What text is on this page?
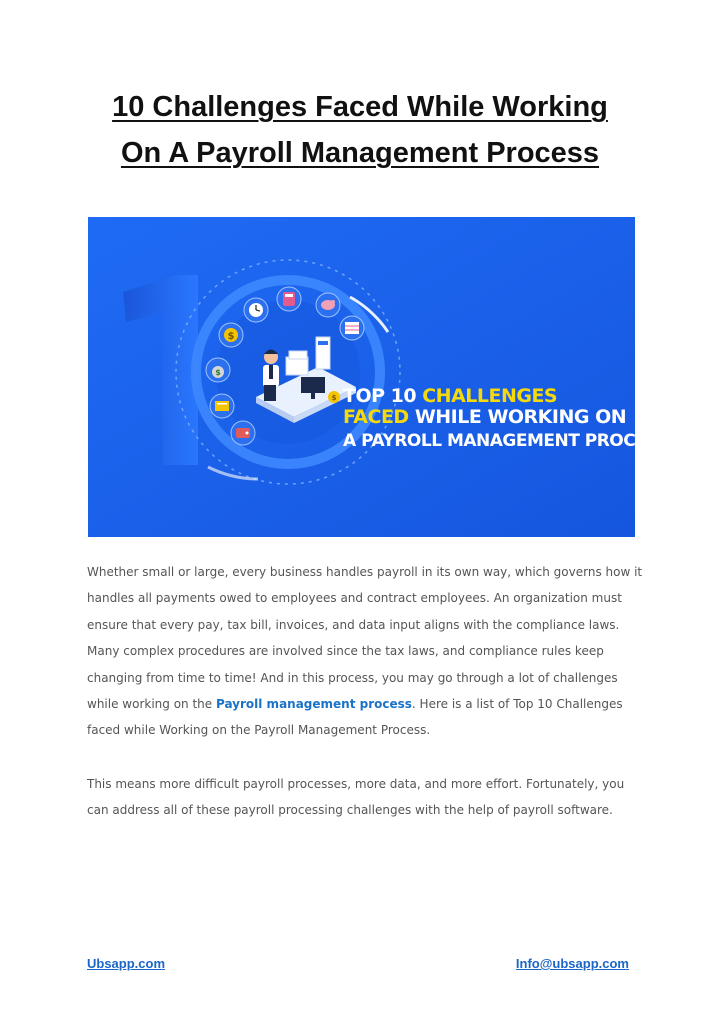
10 Challenges Faced While Working
On A Payroll Management Process
$
$
$ TOP 10 CHALLENGES
FACED WHILE WORKING ON
A PAYROLL MANAGEMENT PROCESS

Whether small or large, every business handles payroll in its own way, which governs how it handles all payments owed to employees and contract employees. An organization must ensure that every pay, tax bill, invoices, and data input aligns with the compliance laws. Many complex procedures are involved since the tax laws, and compliance rules keep changing from time to time! And in this process, you may go through a lot of challenges while working on the Payroll management process. Here is a list of Top 10 Challenges faced while Working on the Payroll Management Process.

This means more difficult payroll processes, more data, and more effort. Fortunately, you can address all of these payroll processing challenges with the help of payroll software.

Ubsapp.com	Info@ubsapp.com
